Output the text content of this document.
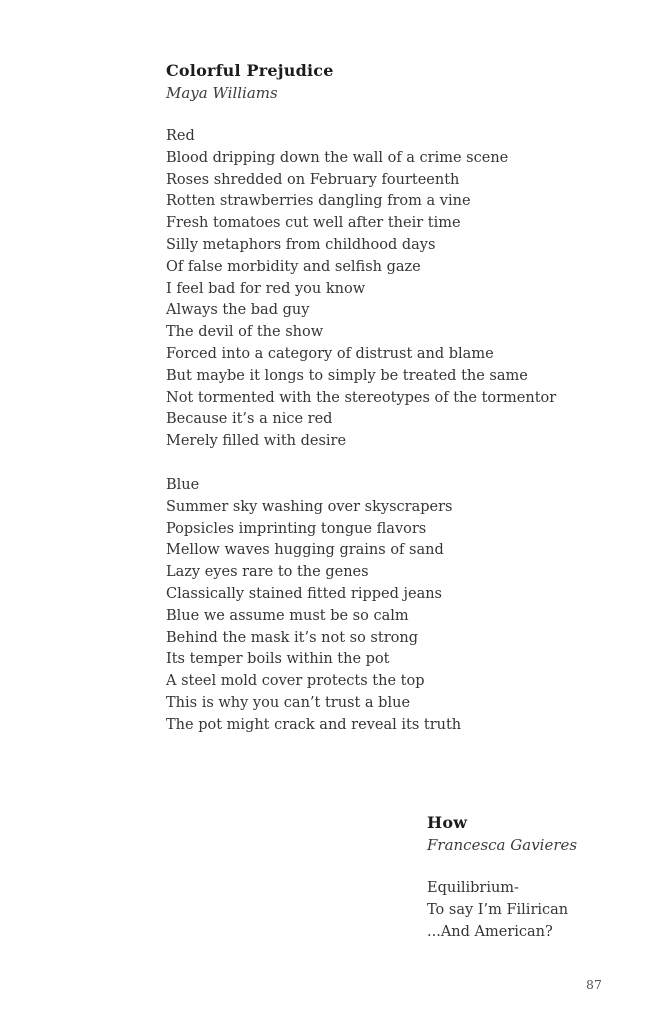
Colorful Prejudice

Maya Williams

Red
Blood dripping down the wall of a crime scene
Roses shredded on February fourteenth
Rotten strawberries dangling from a vine
Fresh tomatoes cut well after their time
Silly metaphors from childhood days
Of false morbidity and selfish gaze
I feel bad for red you know
Always the bad guy
The devil of the show
Forced into a category of distrust and blame
But maybe it longs to simply be treated the same
Not tormented with the stereotypes of the tormentor
Because it’s a nice red
Merely filled with desire
Blue
Summer sky washing over skyscrapers
Popsicles imprinting tongue flavors
Mellow waves hugging grains of sand
Lazy eyes rare to the genes
Classically stained fitted ripped jeans
Blue we assume must be so calm
Behind the mask it’s not so strong
Its temper boils within the pot
A steel mold cover protects the top
This is why you can’t trust a blue
The pot might crack and reveal its truth
How

Francesca Gavieres

Equilibrium-
To say I’m Filirican
...And American?
87
